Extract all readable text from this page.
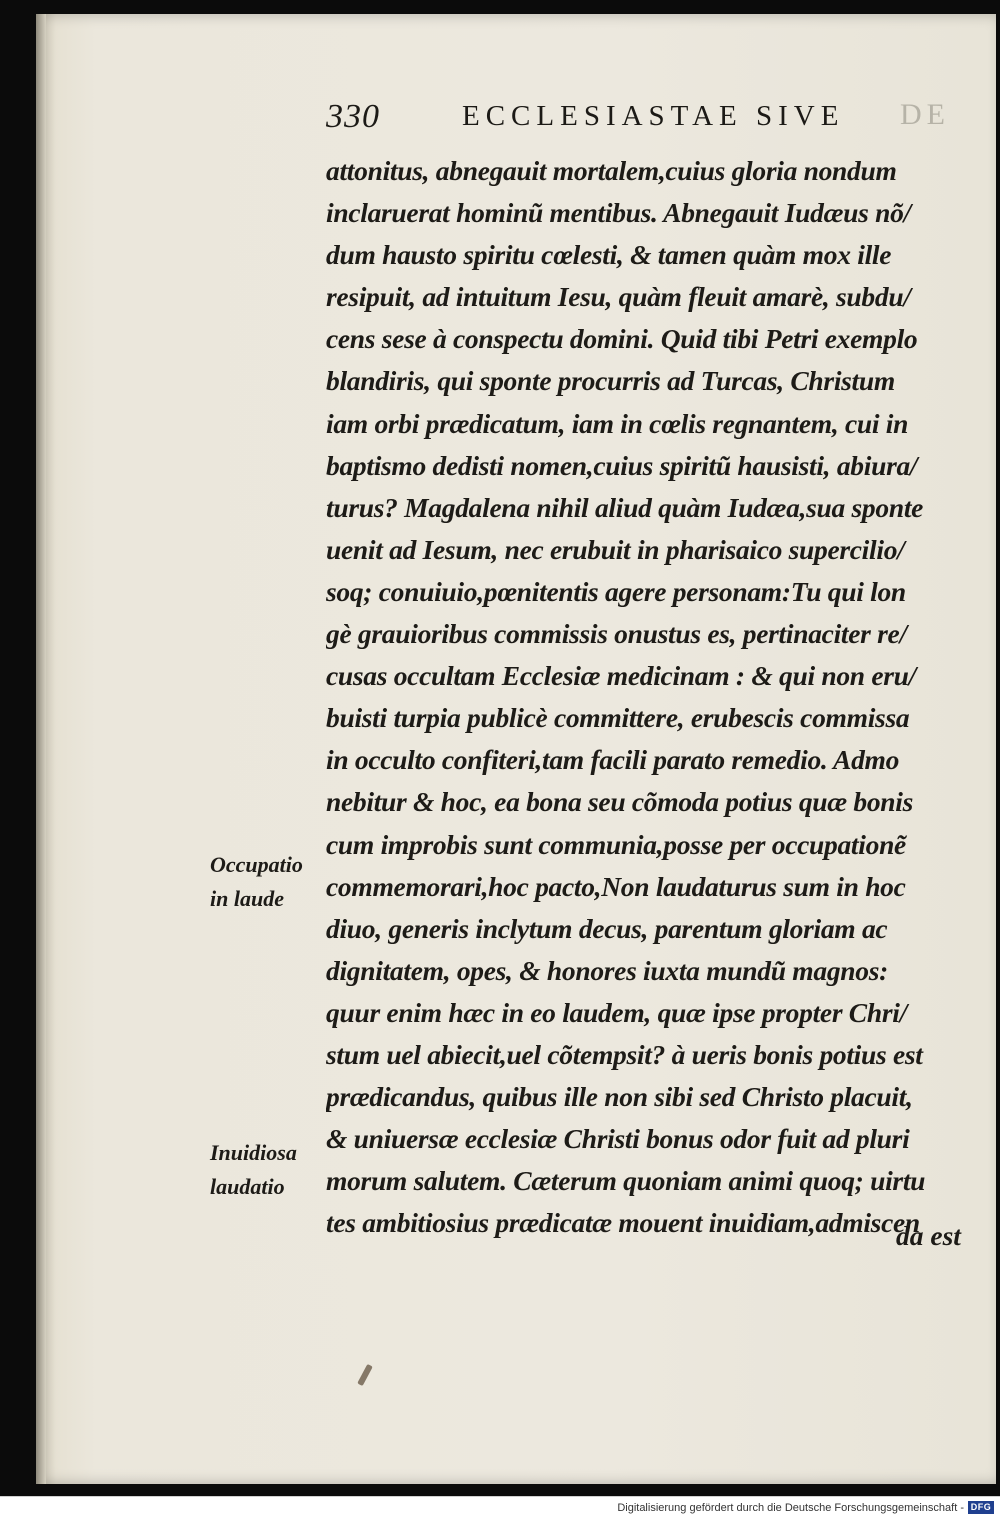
DE
330	ECCLESIASTAE SIVE
attonitus, abnegauit mortalem,cuius gloria nondum
inclaruerat hominũ mentibus. Abnegauit Iudæus nõ/
dum hausto spiritu cœlesti, & tamen quàm mox ille
resipuit, ad intuitum Iesu, quàm fleuit amarè, subdu/
cens sese à conspectu domini. Quid tibi Petri exemplo
blandiris, qui sponte procurris ad Turcas, Christum
iam orbi prædicatum, iam in cœlis regnantem, cui in
baptismo dedisti nomen,cuius spiritũ hausisti, abiura/
turus? Magdalena nihil aliud quàm Iudæa,sua sponte
uenit ad Iesum, nec erubuit in pharisaico supercilio/
soq; conuiuio,pœnitentis agere personam:Tu qui lon
gè grauioribus commissis onustus es, pertinaciter re/
cusas occultam Ecclesiæ medicinam : & qui non eru/
buisti turpia publicè committere, erubescis commissa
in occulto confiteri,tam facili parato remedio. Admo
nebitur & hoc, ea bona seu cõmoda potius quæ bonis
cum improbis sunt communia,posse per occupationẽ
commemorari,hoc pacto,Non laudaturus sum in hoc
diuo, generis inclytum decus, parentum gloriam ac
dignitatem, opes, & honores iuxta mundũ magnos:
quur enim hæc in eo laudem, quæ ipse propter Chri/
stum uel abiecit,uel cõtempsit? à ueris bonis potius est
prædicandus, quibus ille non sibi sed Christo placuit,
& uniuersæ ecclesiæ Christi bonus odor fuit ad pluri
morum salutem. Cæterum quoniam animi quoq; uirtu
tes ambitiosius prædicatæ mouent inuidiam,admiscen
Occupatio
in laude
Inuidiosa
laudatio
da est
Digitalisierung gefördert durch die Deutsche Forschungsgemeinschaft - DFG
